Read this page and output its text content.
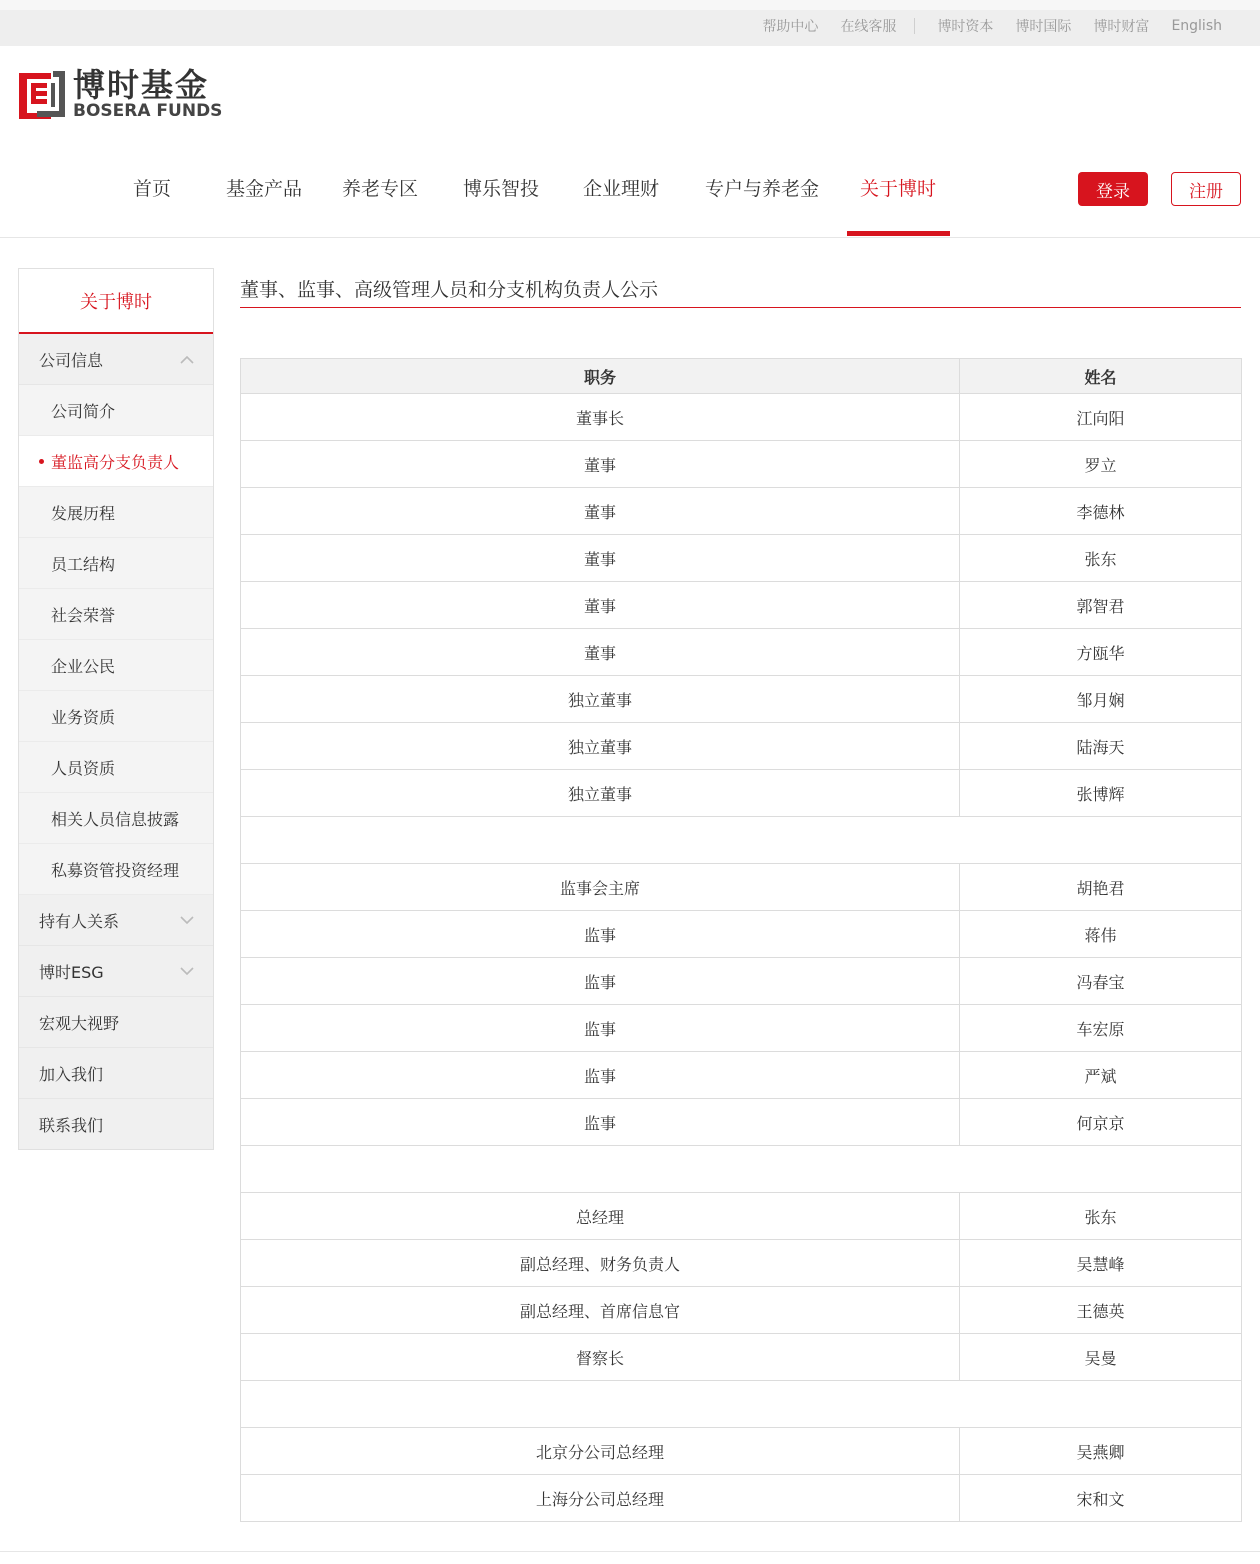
帮助中心 在线客服	博时资本 博时国际 博时财富 English
博时基金
BOSERA FUNDS
首页	基金产品 养老专区 博乐智投 企业理财 专户与养老金 关于博时	登录	注册
关于博时
公司信息
公司简介
董监高分支负责人
发展历程
员工结构
社会荣誉
企业公民
业务资质
人员资质
相关人员信息披露
私募资管投资经理
持有人关系
博时ESG
宏观大视野
加入我们
联系我们
董事、监事、高级管理人员和分支机构负责人公示
职务	姓名
董事长	江向阳
董事	罗立
董事	李德林
董事	张东
董事	郭智君
董事	方瓯华
独立董事	邹月娴
独立董事	陆海天
独立董事	张博辉

监事会主席	胡艳君
监事	蒋伟
监事	冯春宝
监事	车宏原
监事	严斌
监事	何京京

总经理	张东
副总经理、财务负责人	吴慧峰
副总经理、首席信息官	王德英
督察长	吴曼

北京分公司总经理	吴燕卿
上海分公司总经理	宋和文
